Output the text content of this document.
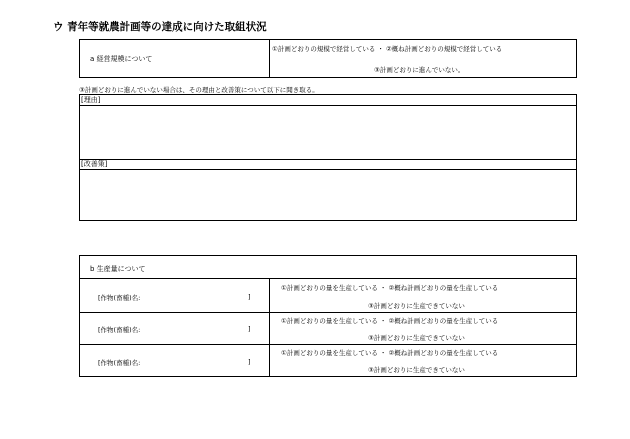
ウ 青年等就農計画等の達成に向けた取組状況
a 経営規模について
①計画どおりの規模で経営している ・ ②概ね計画どおりの規模で経営している
③計画どおりに進んでいない。
③計画どおりに進んでいない場合は、その理由と改善策について以下に聞き取る。
[理由]
[改善策]
b 生産量について
[作物(畜種)名:	]
①計画どおりの量を生産している ・ ②概ね計画どおりの量を生産している
③計画どおりに生産できていない
[作物(畜種)名:	]
①計画どおりの量を生産している ・ ②概ね計画どおりの量を生産している
③計画どおりに生産できていない
[作物(畜種)名:	]
①計画どおりの量を生産している ・ ②概ね計画どおりの量を生産している
③計画どおりに生産できていない
